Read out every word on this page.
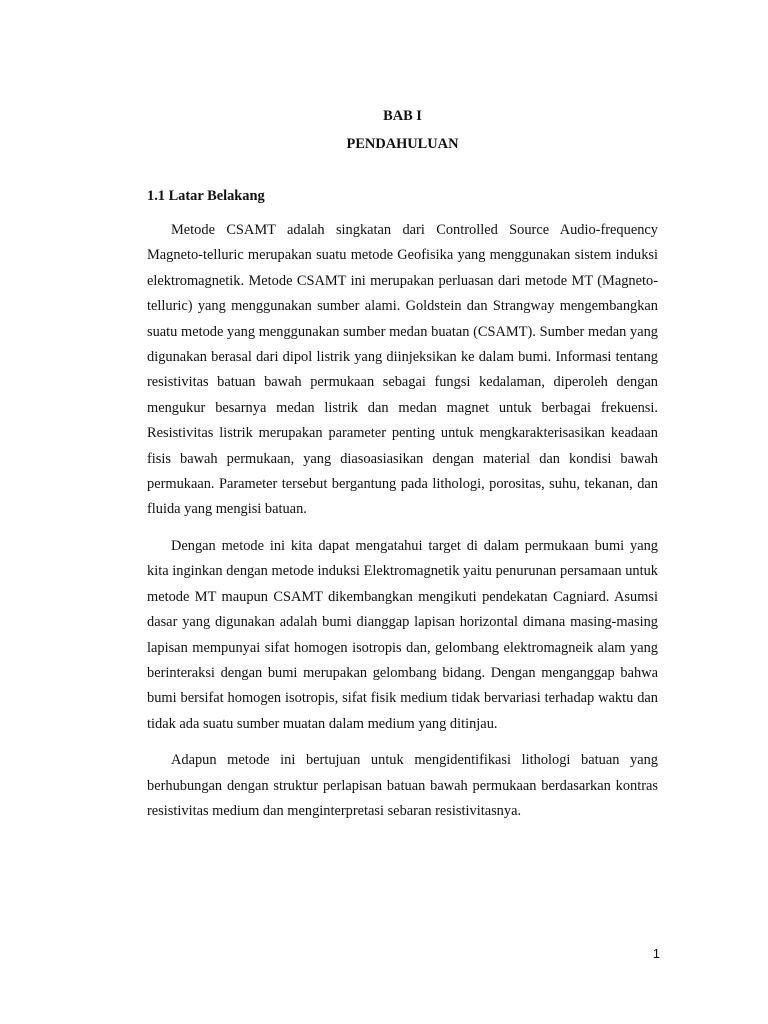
BAB I
PENDAHULUAN
1.1 Latar Belakang

Metode CSAMT adalah singkatan dari Controlled Source Audio-frequency Magneto-telluric merupakan suatu metode Geofisika yang menggunakan sistem induksi elektromagnetik. Metode CSAMT ini merupakan perluasan dari metode MT (Magneto-telluric) yang menggunakan sumber alami. Goldstein dan Strangway mengembangkan suatu metode yang menggunakan sumber medan buatan (CSAMT). Sumber medan yang digunakan berasal dari dipol listrik yang diinjeksikan ke dalam bumi. Informasi tentang resistivitas batuan bawah permukaan sebagai fungsi kedalaman, diperoleh dengan mengukur besarnya medan listrik dan medan magnet untuk berbagai frekuensi. Resistivitas listrik merupakan parameter penting untuk mengkarakterisasikan keadaan fisis bawah permukaan, yang diasoasiasikan dengan material dan kondisi bawah permukaan. Parameter tersebut bergantung pada lithologi, porositas, suhu, tekanan, dan fluida yang mengisi batuan.

Dengan metode ini kita dapat mengatahui target di dalam permukaan bumi yang kita inginkan dengan metode induksi Elektromagnetik yaitu penurunan persamaan untuk metode MT maupun CSAMT dikembangkan mengikuti pendekatan Cagniard. Asumsi dasar yang digunakan adalah bumi dianggap lapisan horizontal dimana masing-masing lapisan mempunyai sifat homogen isotropis dan, gelombang elektromagneik alam yang berinteraksi dengan bumi merupakan gelombang bidang. Dengan menganggap bahwa bumi bersifat homogen isotropis, sifat fisik medium tidak bervariasi terhadap waktu dan tidak ada suatu sumber muatan dalam medium yang ditinjau.

Adapun metode ini bertujuan untuk mengidentifikasi lithologi batuan yang berhubungan dengan struktur perlapisan batuan bawah permukaan berdasarkan kontras resistivitas medium dan menginterpretasi sebaran resistivitasnya.

1
